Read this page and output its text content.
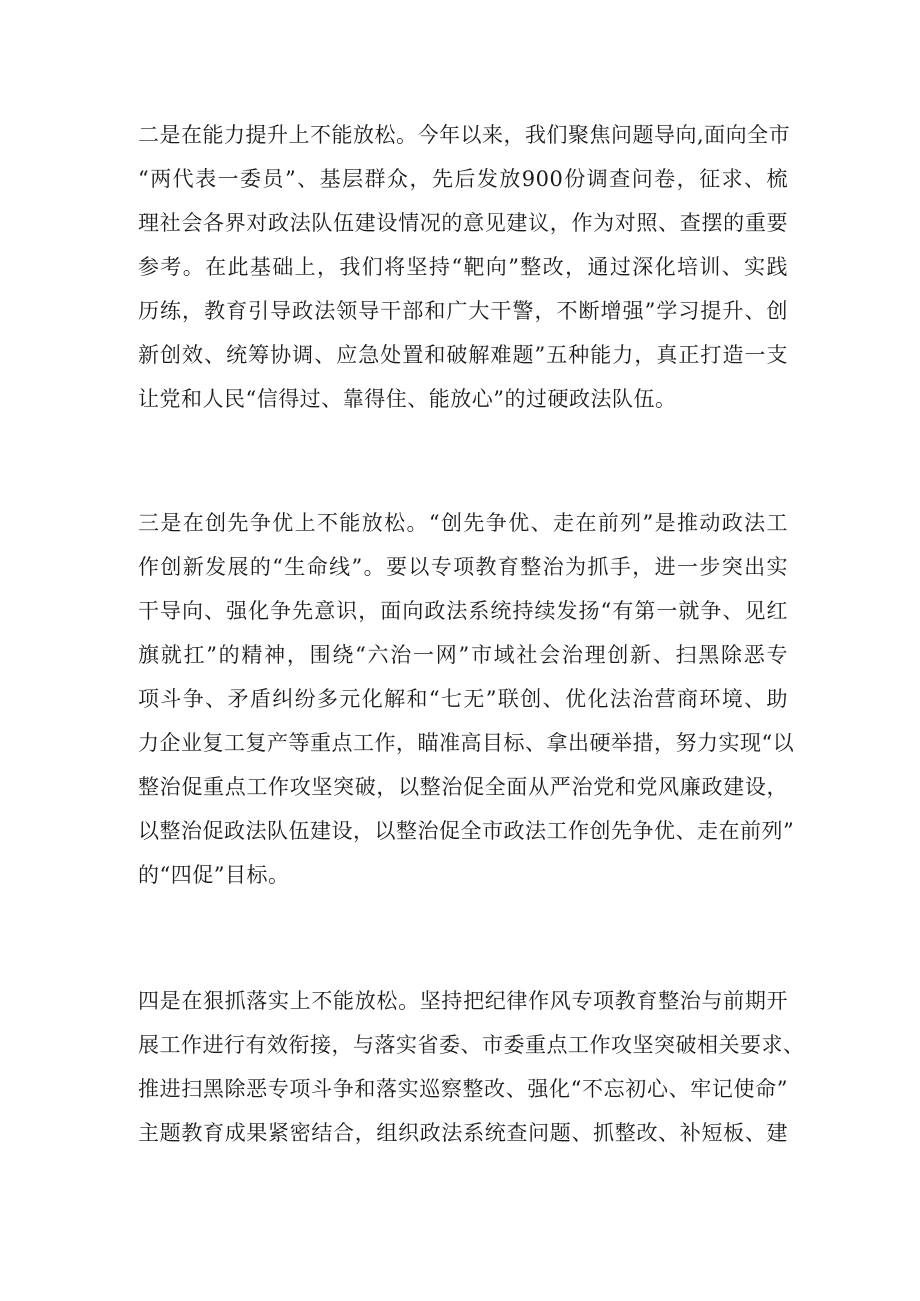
二是在能力提升上不能放松。今年以来，我们聚焦问题导向,面向全市
“两代表一委员”、基层群众，先后发放900份调查问卷，征求、梳
理社会各界对政法队伍建设情况的意见建议，作为对照、查摆的重要
参考。在此基础上，我们将坚持“靶向”整改，通过深化培训、实践
历练，教育引导政法领导干部和广大干警，不断增强”学习提升、创
新创效、统筹协调、应急处置和破解难题”五种能力，真正打造一支
让党和人民“信得过、靠得住、能放心”的过硬政法队伍。
三是在创先争优上不能放松。“创先争优、走在前列”是推动政法工
作创新发展的“生命线”。要以专项教育整治为抓手，进一步突出实
干导向、强化争先意识，面向政法系统持续发扬“有第一就争、见红
旗就扛”的精神，围绕“六治一网”市域社会治理创新、扫黑除恶专
项斗争、矛盾纠纷多元化解和“七无”联创、优化法治营商环境、助
力企业复工复产等重点工作，瞄准高目标、拿出硬举措，努力实现“以
整治促重点工作攻坚突破，以整治促全面从严治党和党风廉政建设，
以整治促政法队伍建设，以整治促全市政法工作创先争优、走在前列”
的“四促”目标。
四是在狠抓落实上不能放松。坚持把纪律作风专项教育整治与前期开
展工作进行有效衔接，与落实省委、市委重点工作攻坚突破相关要求、
推进扫黑除恶专项斗争和落实巡察整改、强化“不忘初心、牢记使命”
主题教育成果紧密结合，组织政法系统查问题、抓整改、补短板、建
